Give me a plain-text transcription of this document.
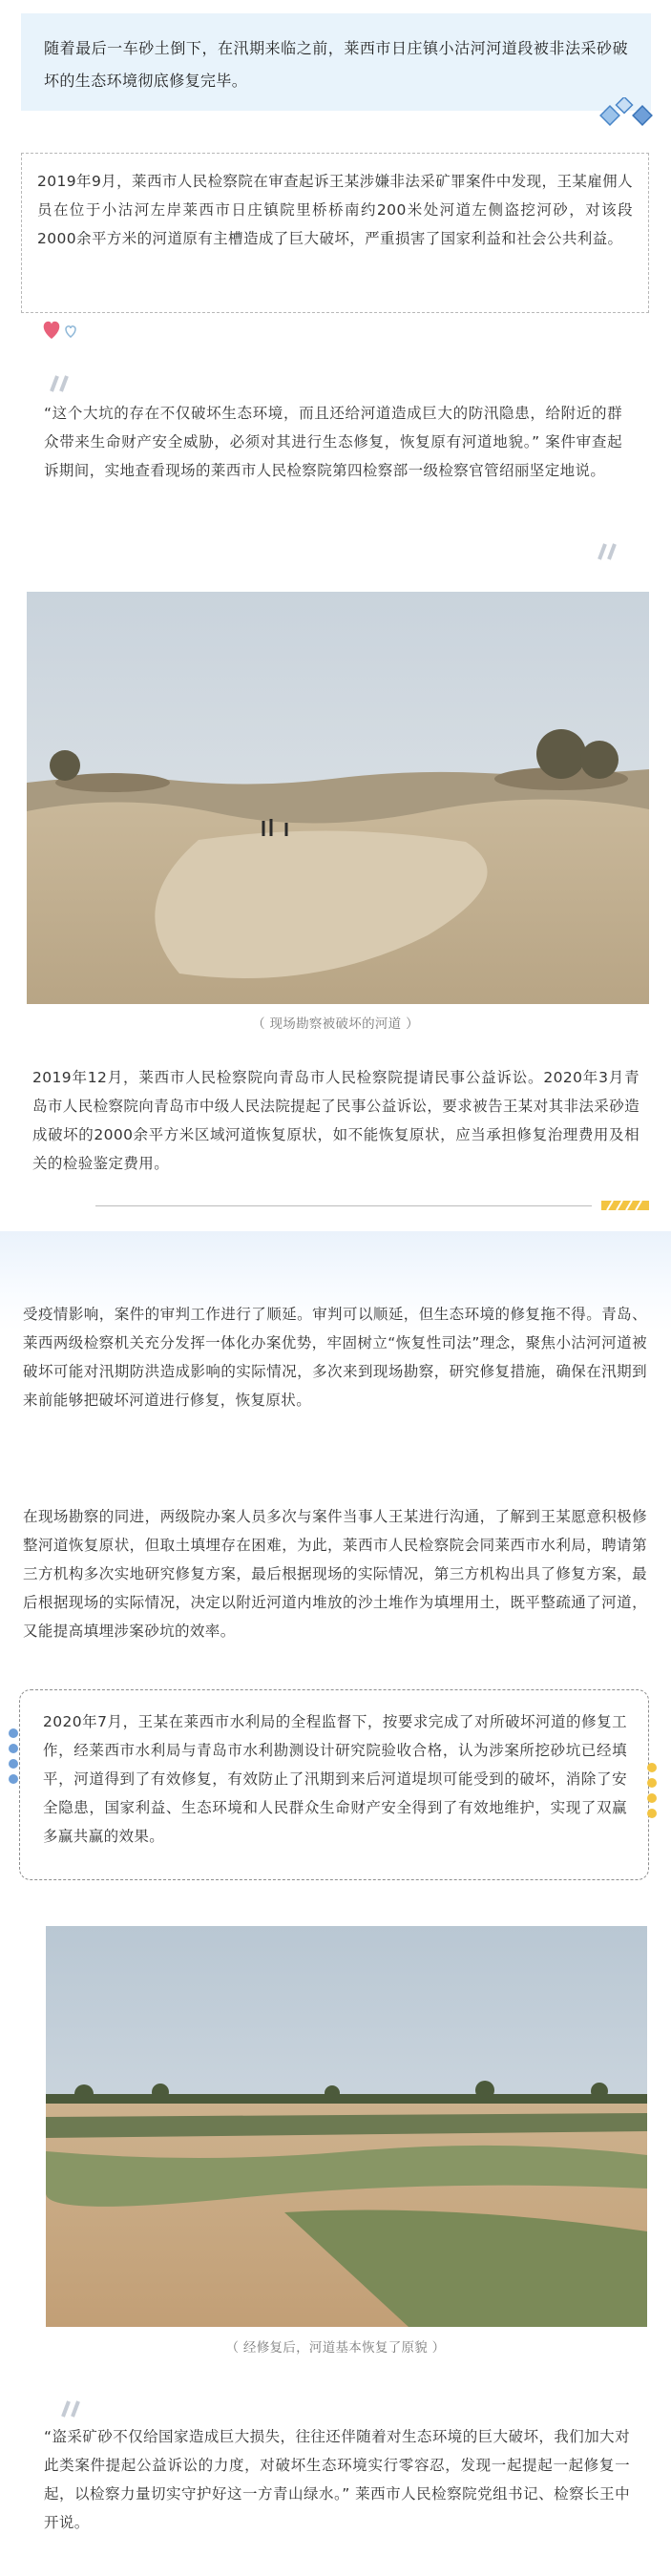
随着最后一车砂土倒下，在汛期来临之前，莱西市日庄镇小沽河河道段被非法采砂破坏的生态环境彻底修复完毕。

2019年9月，莱西市人民检察院在审查起诉王某涉嫌非法采矿罪案件中发现，王某雇佣人员在位于小沽河左岸莱西市日庄镇院里桥桥南约200米处河道左侧盗挖河砂，对该段2000余平方米的河道原有主槽造成了巨大破坏，严重损害了国家利益和社会公共利益。

“这个大坑的存在不仅破坏生态环境，而且还给河道造成巨大的防汛隐患，给附近的群众带来生命财产安全威胁，必须对其进行生态修复，恢复原有河道地貌。” 案件审查起诉期间，实地查看现场的莱西市人民检察院第四检察部一级检察官管绍丽坚定地说。

（ 现场勘察被破坏的河道 ）

2019年12月，莱西市人民检察院向青岛市人民检察院提请民事公益诉讼。2020年3月青岛市人民检察院向青岛市中级人民法院提起了民事公益诉讼，要求被告王某对其非法采砂造成破坏的2000余平方米区域河道恢复原状，如不能恢复原状，应当承担修复治理费用及相关的检验鉴定费用。

受疫情影响，案件的审判工作进行了顺延。审判可以顺延，但生态环境的修复拖不得。青岛、莱西两级检察机关充分发挥一体化办案优势，牢固树立“恢复性司法”理念，聚焦小沽河河道被破坏可能对汛期防洪造成影响的实际情况，多次来到现场勘察，研究修复措施，确保在汛期到来前能够把破坏河道进行修复，恢复原状。

在现场勘察的同进，两级院办案人员多次与案件当事人王某进行沟通，了解到王某愿意积极修整河道恢复原状，但取土填埋存在困难，为此，莱西市人民检察院会同莱西市水利局，聘请第三方机构多次实地研究修复方案，最后根据现场的实际情况，第三方机构出具了修复方案，最后根据现场的实际情况，决定以附近河道内堆放的沙土堆作为填埋用土，既平整疏通了河道，又能提高填埋涉案砂坑的效率。

2020年7月，王某在莱西市水利局的全程监督下，按要求完成了对所破坏河道的修复工作，经莱西市水利局与青岛市水利勘测设计研究院验收合格，认为涉案所挖砂坑已经填平，河道得到了有效修复，有效防止了汛期到来后河道堤坝可能受到的破坏，消除了安全隐患，国家利益、生态环境和人民群众生命财产安全得到了有效地维护，实现了双赢多赢共赢的效果。

（ 经修复后，河道基本恢复了原貌 ）

“盗采矿砂不仅给国家造成巨大损失，往往还伴随着对生态环境的巨大破坏，我们加大对此类案件提起公益诉讼的力度，对破坏生态环境实行零容忍，发现一起提起一起修复一起，以检察力量切实守护好这一方青山绿水。” 莱西市人民检察院党组书记、检察长王中开说。
